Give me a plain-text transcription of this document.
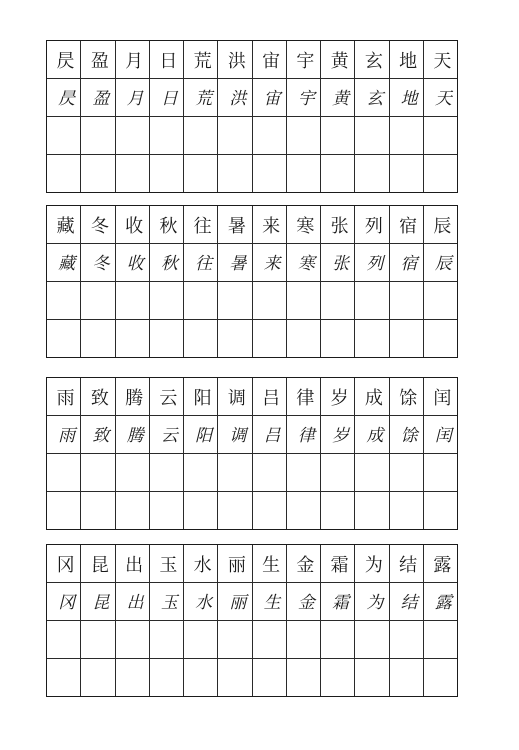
天
天
地
地
玄
玄
黄
黄
宇
宇
宙
宙
洪
洪
荒
荒
日
日
月
月
盈
盈
昃
昃
辰
辰
宿
宿
列
列
张
张
寒
寒
来
来
暑
暑
往
往
秋
秋
收
收
冬
冬
藏
藏
闰
闰
馀
馀
成
成
岁
岁
律
律
吕
吕
调
调
阳
阳
云
云
腾
腾
致
致
雨
雨
露
露
结
结
为
为
霜
霜
金
金
生
生
丽
丽
水
水
玉
玉
出
出
昆
昆
冈
冈
